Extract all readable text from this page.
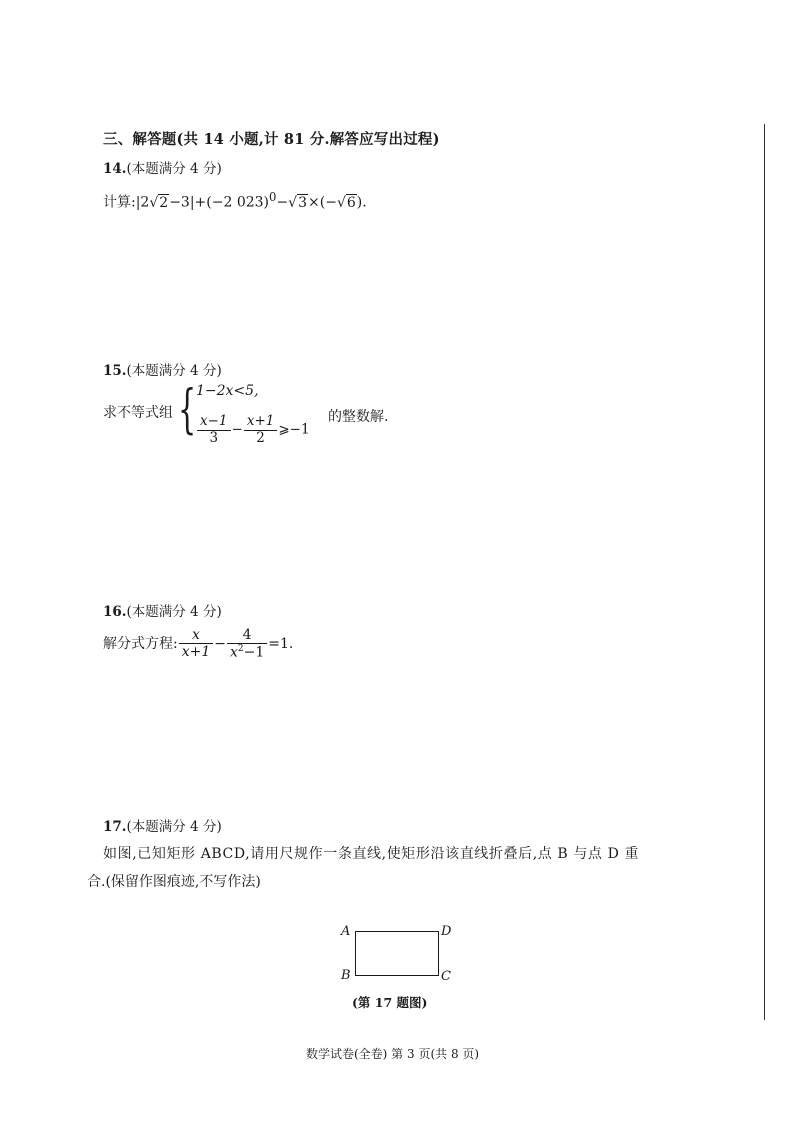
三、解答题(共 14 小题,计 81 分.解答应写出过程)
14.(本题满分 4 分)
计算:|2√2−3|+(−2 023)$^0$−√3×(−√6).
15.(本题满分 4 分)
求不等式组 { 1−2x<5,
$\frac{x-1}{3} - \frac{x+1}{2}$ ⩾−1
的整数解.
16.(本题满分 4 分)
解分式方程: $\frac{x}{x+1} - \frac{4}{x^2-1} =1$.
17.(本题满分 4 分)
如图,已知矩形 ABCD,请用尺规作一条直线,使矩形沿该直线折叠后,点 B 与点 D 重
合.(保留作图痕迹,不写作法)
A	D
B	C
(第 17 题图)
数学试卷(全卷) 第 3 页(共 8 页)
